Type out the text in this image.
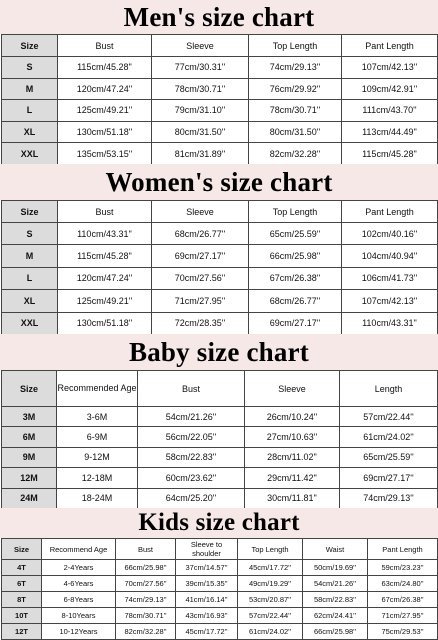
Men's size chart
Size	Bust	Sleeve	Top Length	Pant Length
S	115cm/45.28''	77cm/30.31''	74cm/29.13''	107cm/42.13''
M	120cm/47.24''	78cm/30.71''	76cm/29.92''	109cm/42.91''
L	125cm/49.21''	79cm/31.10''	78cm/30.71''	111cm/43.70''
XL	130cm/51.18''	80cm/31.50''	80cm/31.50''	113cm/44.49''
XXL	135cm/53.15''	81cm/31.89''	82cm/32.28''	115cm/45.28''
Women's size chart
Size	Bust	Sleeve	Top Length	Pant Length
S	110cm/43.31''	68cm/26.77''	65cm/25.59''	102cm/40.16''
M	115cm/45.28''	69cm/27.17''	66cm/25.98''	104cm/40.94''
L	120cm/47.24''	70cm/27.56''	67cm/26.38''	106cm/41.73''
XL	125cm/49.21''	71cm/27.95''	68cm/26.77''	107cm/42.13''
XXL	130cm/51.18''	72cm/28.35''	69cm/27.17''	110cm/43.31''
Baby size chart
Size	Recommended Age	Bust	Sleeve	Length
3M	3-6M	54cm/21.26''	26cm/10.24''	57cm/22.44''
6M	6-9M	56cm/22.05''	27cm/10.63''	61cm/24.02''
9M	9-12M	58cm/22.83''	28cm/11.02''	65cm/25.59''
12M	12-18M	60cm/23.62''	29cm/11.42''	69cm/27.17''
24M	18-24M	64cm/25.20''	30cm/11.81''	74cm/29.13''
Kids size chart
Size	Recommend Age	Bust	Sleeve to shoulder	Top Length	Waist	Pant Length
4T	2-4Years	66cm/25.98''	37cm/14.57''	45cm/17.72''	50cm/19.69''	59cm/23.23''
6T	4-6Years	70cm/27.56''	39cm/15.35''	49cm/19.29''	54cm/21.26''	63cm/24.80''
8T	6-8Years	74cm/29.13''	41cm/16.14''	53cm/20.87''	58cm/22.83''	67cm/26.38''
10T	8-10Years	78cm/30.71''	43cm/16.93''	57cm/22.44''	62cm/24.41''	71cm/27.95''
12T	10-12Years	82cm/32.28''	45cm/17.72''	61cm/24.02''	66cm/25.98''	75cm/29.53''
